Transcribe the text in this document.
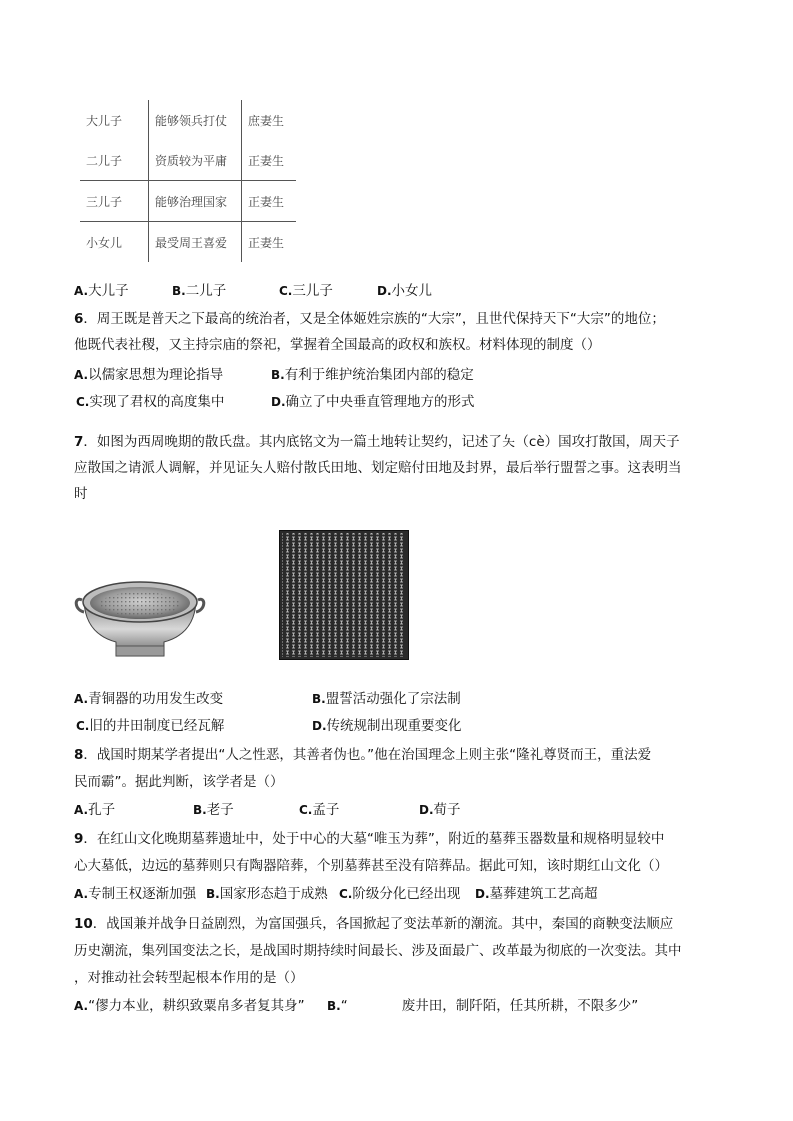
大儿子	能够领兵打仗	庶妻生
二儿子	资质较为平庸	正妻生
三儿子	能够治理国家	正妻生
小女儿	最受周王喜爱	正妻生
A.大儿子	B.二儿子	C.三儿子	D.小女儿
6．周王既是普天之下最高的统治者，又是全体姬姓宗族的“大宗”，且世代保持天下“大宗”的地位；
他既代表社稷，又主持宗庙的祭祀，掌握着全国最高的政权和族权。材料体现的制度（）
A.以儒家思想为理论指导	B.有利于维护统治集团内部的稳定
C.实现了君权的高度集中	D.确立了中央垂直管理地方的形式
7．如图为西周晚期的散氏盘。其内底铭文为一篇土地转让契约，记述了夨（cè）国攻打散国，周天子
应散国之请派人调解，并见证夨人赔付散氏田地、划定赔付田地及封界，最后举行盟誓之事。这表明当
时
A.青铜器的功用发生改变	B.盟誓活动强化了宗法制
C.旧的井田制度已经瓦解	D.传统规制出现重要变化
8．战国时期某学者提出“人之性恶，其善者伪也。”他在治国理念上则主张“隆礼尊贤而王，重法爱
民而霸”。据此判断，该学者是（）
A.孔子	B.老子	C.孟子	D.荀子
9．在红山文化晚期墓葬遗址中，处于中心的大墓“唯玉为葬”，附近的墓葬玉器数量和规格明显较中
心大墓低，边远的墓葬则只有陶器陪葬，个别墓葬甚至没有陪葬品。据此可知，该时期红山文化（）
A.专制王权逐渐加强 B.国家形态趋于成熟 C.阶级分化已经出现 D.墓葬建筑工艺高超
10．战国兼并战争日益剧烈，为富国强兵，各国掀起了变法革新的潮流。其中，秦国的商鞅变法顺应
历史潮流，集列国变法之长，是战国时期持续时间最长、涉及面最广、改革最为彻底的一次变法。其中
，对推动社会转型起根本作用的是（）
A.“僇力本业，耕织致粟帛多者复其身” B.“　　　　废井田，制阡陌，任其所耕，不限多少”
